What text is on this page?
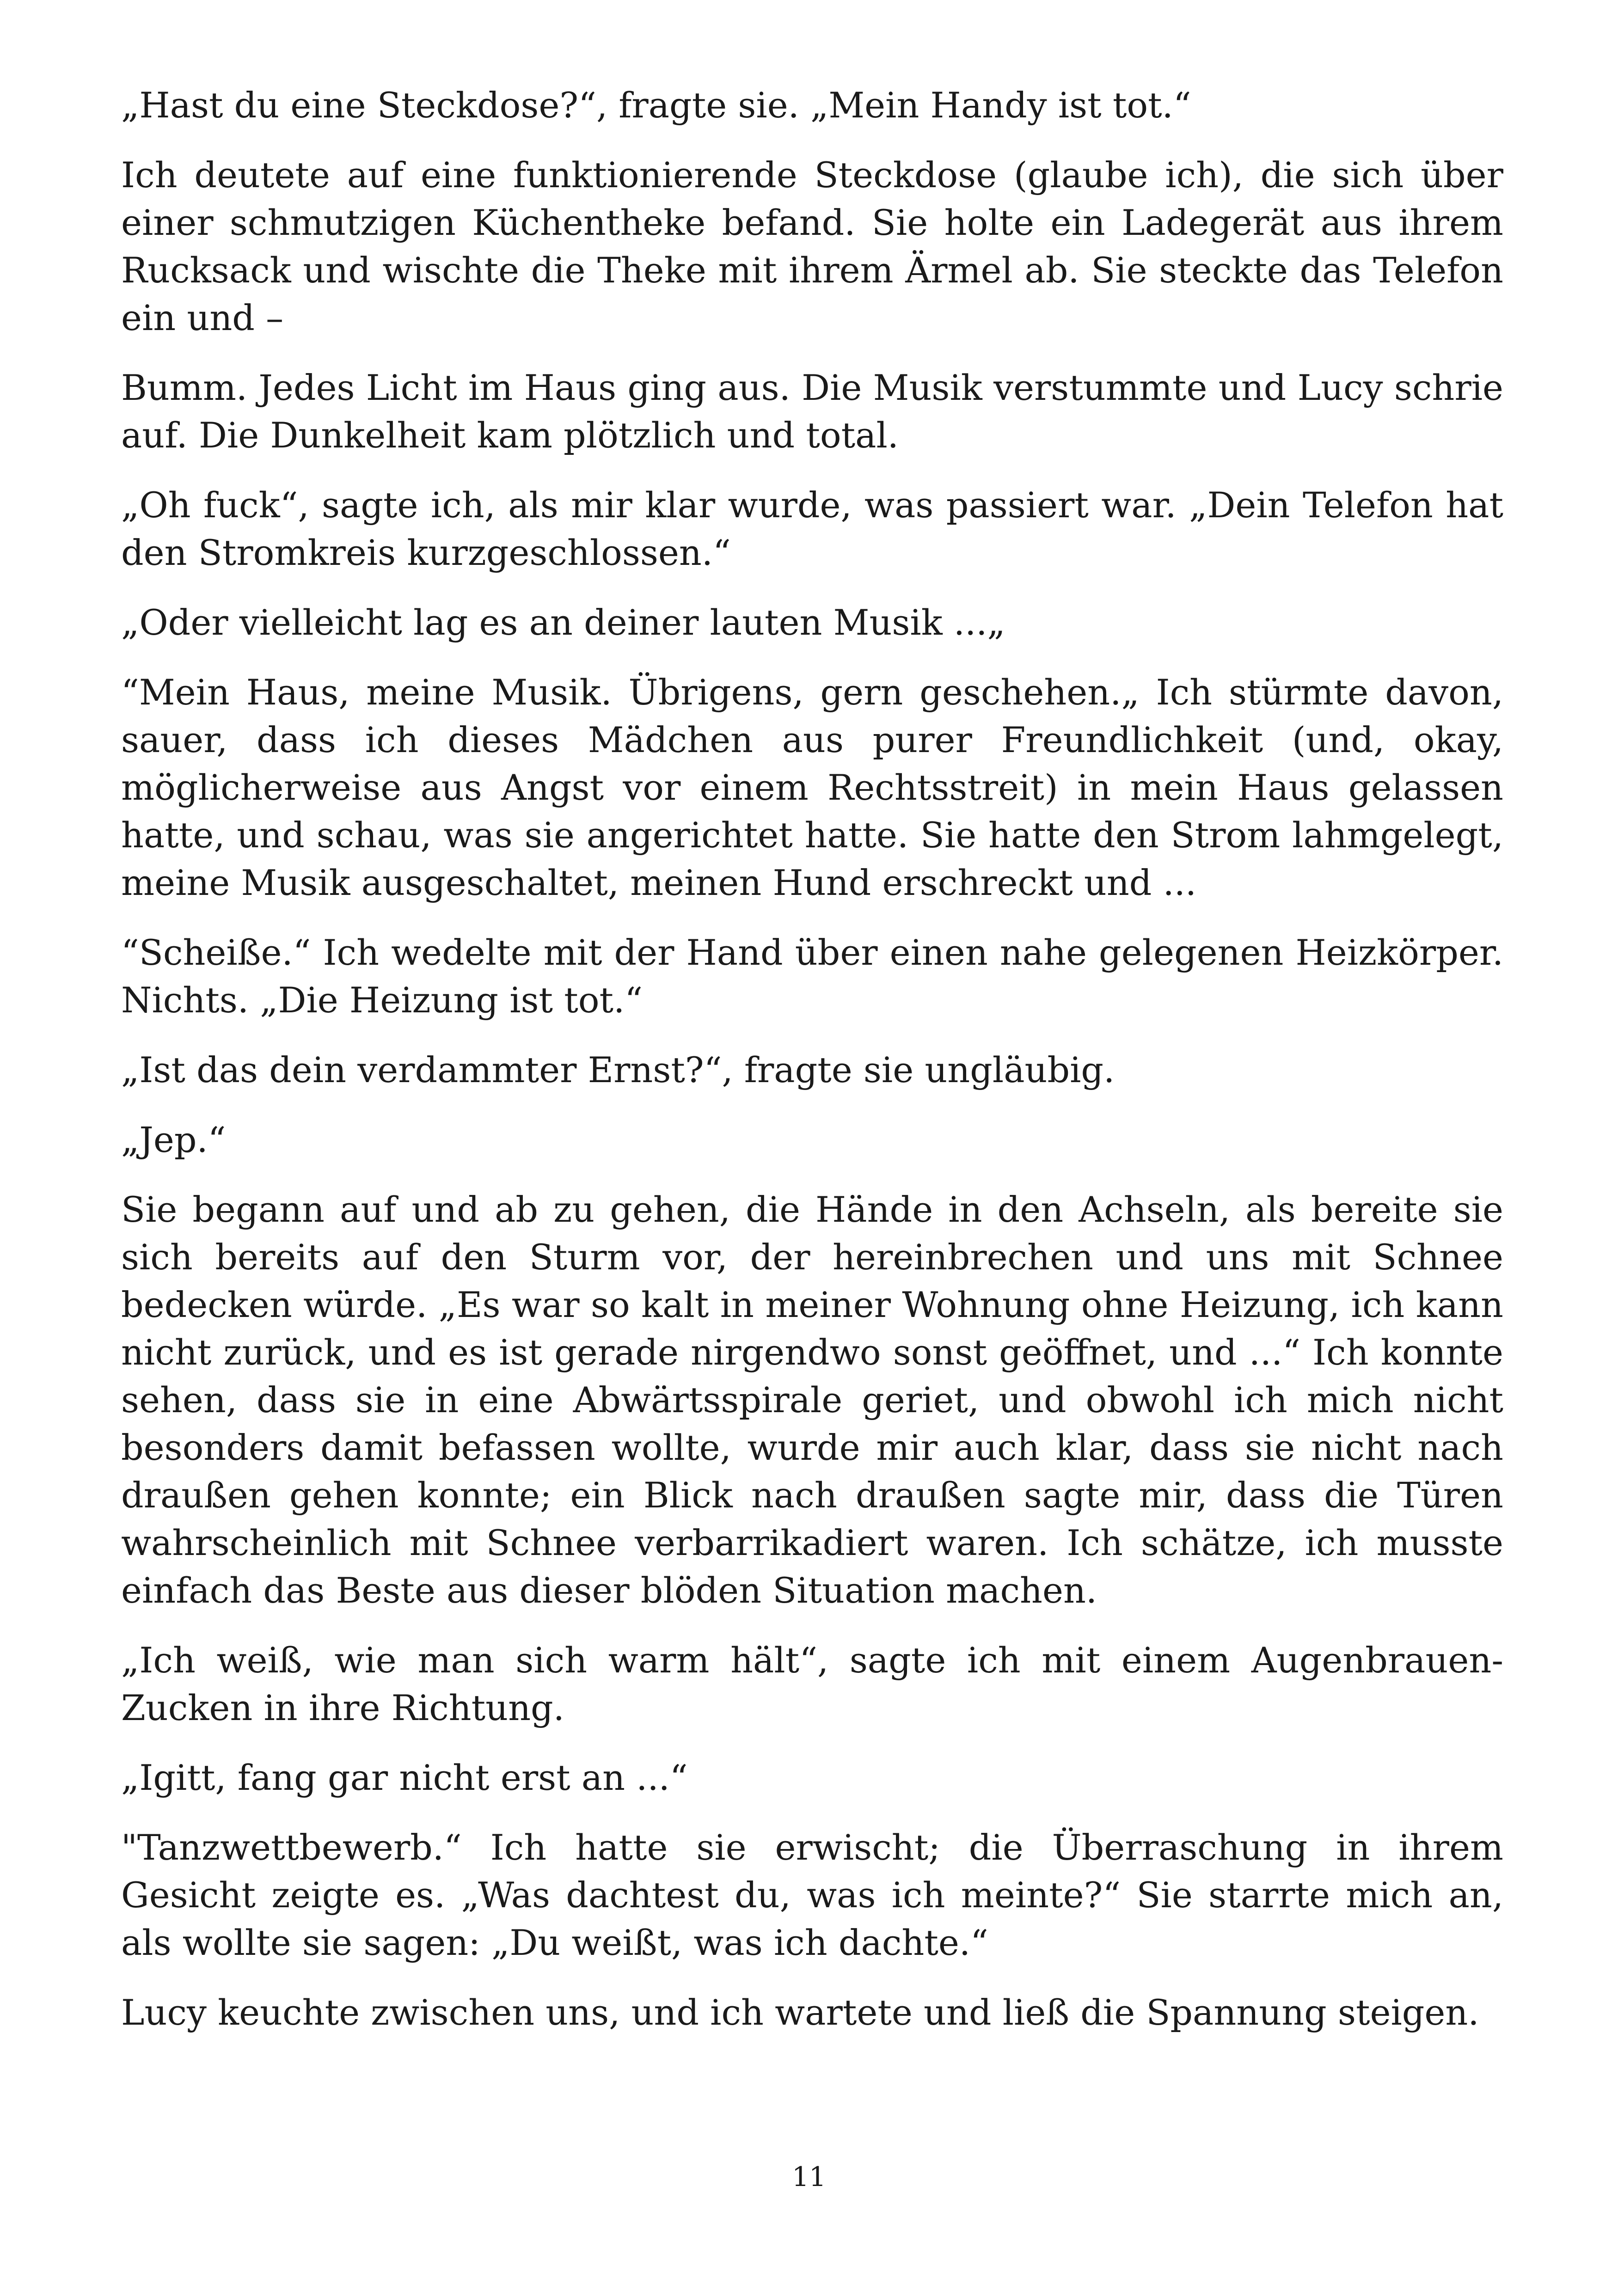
„Hast du eine Steckdose?“, fragte sie. „Mein Handy ist tot.“

Ich deutete auf eine funktionierende Steckdose (glaube ich), die sich über einer schmutzigen Küchentheke befand. Sie holte ein Ladegerät aus ihrem Rucksack und wischte die Theke mit ihrem Ärmel ab. Sie steckte das Telefon ein und –

Bumm. Jedes Licht im Haus ging aus. Die Musik verstummte und Lucy schrie auf. Die Dunkelheit kam plötzlich und total.

„Oh fuck“, sagte ich, als mir klar wurde, was passiert war. „Dein Telefon hat den Stromkreis kurzgeschlossen.“

„Oder vielleicht lag es an deiner lauten Musik ...„

“Mein Haus, meine Musik. Übrigens, gern geschehen.„ Ich stürmte davon, sauer, dass ich dieses Mädchen aus purer Freundlichkeit (und, okay, möglicherweise aus Angst vor einem Rechtsstreit) in mein Haus gelassen hatte, und schau, was sie angerichtet hatte. Sie hatte den Strom lahmgelegt, meine Musik ausgeschaltet, meinen Hund erschreckt und ...

“Scheiße.“ Ich wedelte mit der Hand über einen nahe gelegenen Heizkörper. Nichts. „Die Heizung ist tot.“

„Ist das dein verdammter Ernst?“, fragte sie ungläubig.

„Jep.“

Sie begann auf und ab zu gehen, die Hände in den Achseln, als bereite sie sich bereits auf den Sturm vor, der hereinbrechen und uns mit Schnee bedecken würde. „Es war so kalt in meiner Wohnung ohne Heizung, ich kann nicht zurück, und es ist gerade nirgendwo sonst geöffnet, und ...“ Ich konnte sehen, dass sie in eine Abwärtsspirale geriet, und obwohl ich mich nicht besonders damit befassen wollte, wurde mir auch klar, dass sie nicht nach draußen gehen konnte; ein Blick nach draußen sagte mir, dass die Türen wahrscheinlich mit Schnee verbarrikadiert waren. Ich schätze, ich musste einfach das Beste aus dieser blöden Situation machen.

„Ich weiß, wie man sich warm hält“, sagte ich mit einem Augenbrauen-Zucken in ihre Richtung.

„Igitt, fang gar nicht erst an ...“

"Tanzwettbewerb.“ Ich hatte sie erwischt; die Überraschung in ihrem Gesicht zeigte es. „Was dachtest du, was ich meinte?“ Sie starrte mich an, als wollte sie sagen: „Du weißt, was ich dachte.“

Lucy keuchte zwischen uns, und ich wartete und ließ die Spannung steigen.

11
